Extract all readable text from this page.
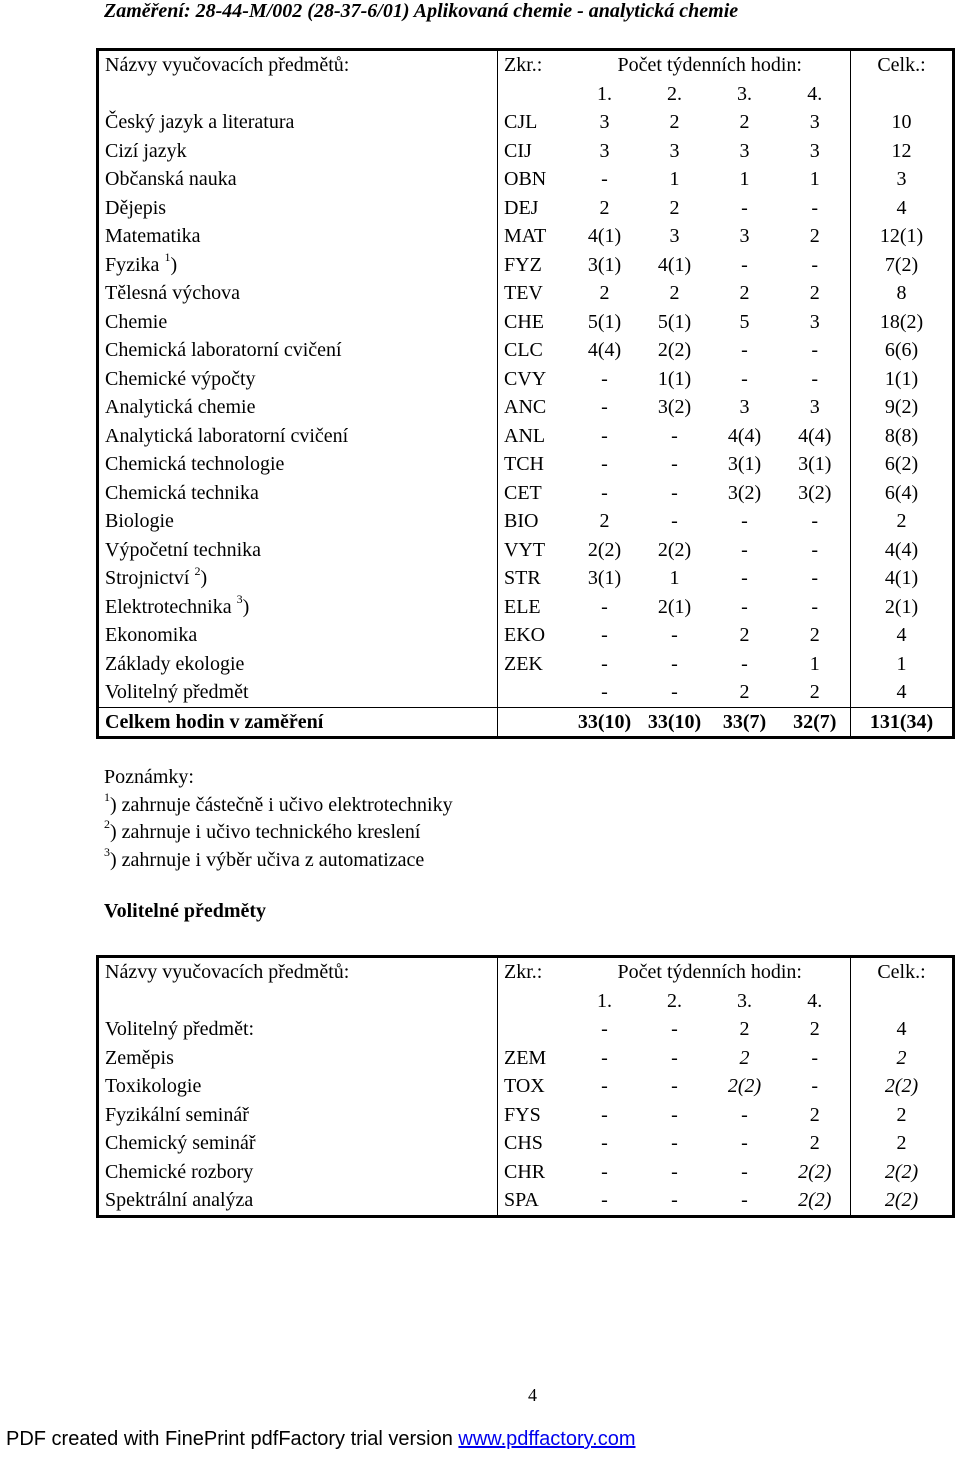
Zaměření: 28-44-M/002 (28-37-6/01) Aplikovaná chemie - analytická chemie
Názvy vyučovacích předmětů:	Zkr.:	Počet týdenních hodin:				Celk.:
		1.	2.	3.	4.	
Český jazyk a literatura	CJL	3	2	2	3	10
Cizí jazyk	CIJ	3	3	3	3	12
Občanská nauka	OBN	-	1	1	1	3
Dějepis	DEJ	2	2	-	-	4
Matematika	MAT	4(1)	3	3	2	12(1)
Fyzika $^1$)	FYZ	3(1)	4(1)	-	-	7(2)
Tělesná výchova	TEV	2	2	2	2	8
Chemie	CHE	5(1)	5(1)	5	3	18(2)
Chemická laboratorní cvičení	CLC	4(4)	2(2)	-	-	6(6)
Chemické výpočty	CVY	-	1(1)	-	-	1(1)
Analytická chemie	ANC	-	3(2)	3	3	9(2)
Analytická laboratorní cvičení	ANL	-	-	4(4)	4(4)	8(8)
Chemická technologie	TCH	-	-	3(1)	3(1)	6(2)
Chemická technika	CET	-	-	3(2)	3(2)	6(4)
Biologie	BIO	2	-	-	-	2
Výpočetní technika	VYT	2(2)	2(2)	-	-	4(4)
Strojnictví $^2$)	STR	3(1)	1	-	-	4(1)
Elektrotechnika $^3$)	ELE	-	2(1)	-	-	2(1)
Ekonomika	EKO	-	-	2	2	4
Základy ekologie	ZEK	-	-	-	1	1
Volitelný předmět		-	-	2	2	4
Celkem hodin v zaměření		33(10)	33(10)	33(7)	32(7)	131(34)
Poznámky:
$^1$) zahrnuje částečně i učivo elektrotechniky
$^2$) zahrnuje i učivo technického kreslení
$^3$) zahrnuje i výběr učiva z automatizace
Volitelné předměty
Názvy vyučovacích předmětů:	Zkr.:	Počet týdenních hodin:				Celk.:
		1.	2.	3.	4.	
Volitelný předmět:		-	-	2	2	4
Zeměpis	ZEM	-	-	2	-	2
Toxikologie	TOX	-	-	2(2)	-	2(2)
Fyzikální seminář	FYS	-	-	-	2	2
Chemický seminář	CHS	-	-	-	2	2
Chemické rozbory	CHR	-	-	-	2(2)	2(2)
Spektrální analýza	SPA	-	-	-	2(2)	2(2)
4
PDF created with FinePrint pdfFactory trial version www.pdffactory.com
